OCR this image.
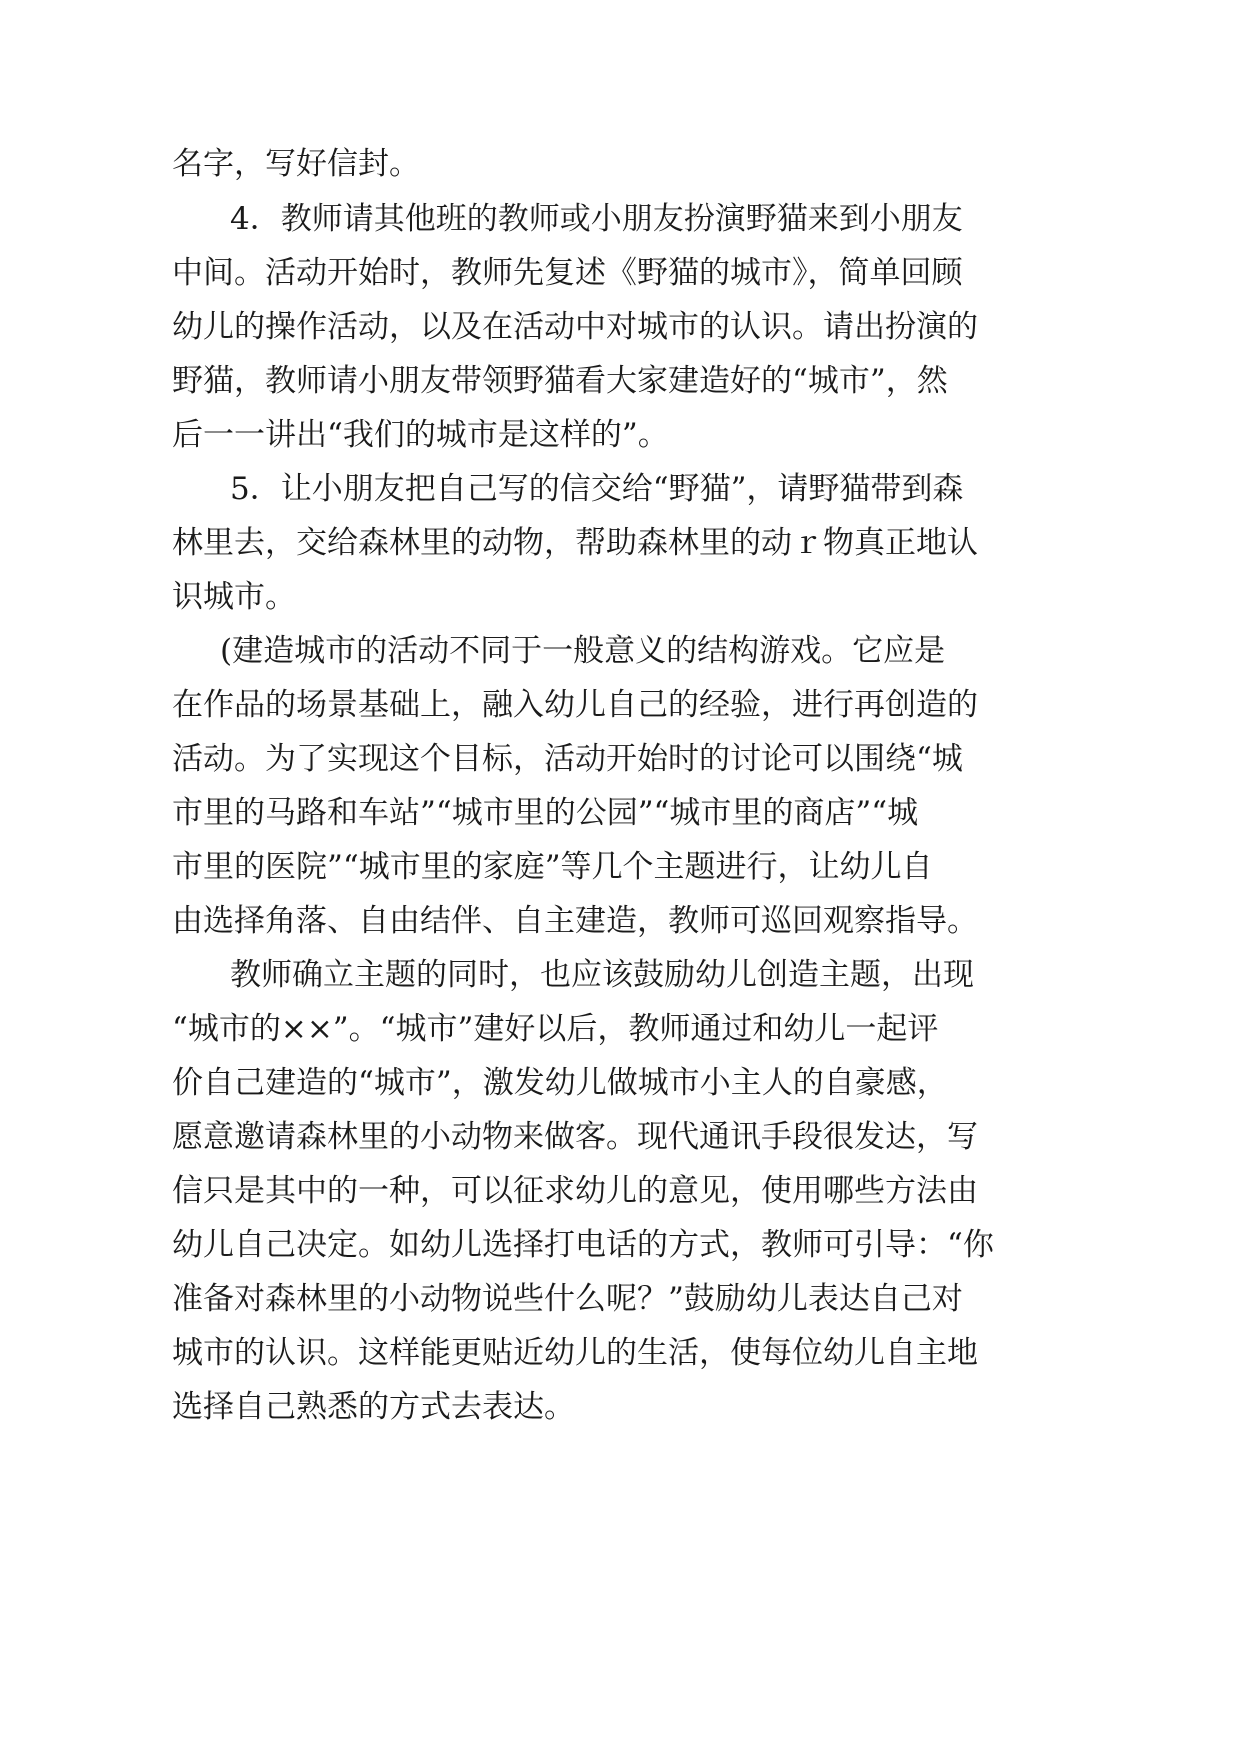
名字，写好信封。
4．教师请其他班的教师或小朋友扮演野猫来到小朋友
中间。活动开始时，教师先复述《野猫的城市》，简单回顾
幼儿的操作活动，以及在活动中对城市的认识。请出扮演的
野猫，教师请小朋友带领野猫看大家建造好的“城市”，然
后一一讲出“我们的城市是这样的”。
5．让小朋友把自己写的信交给“野猫”，请野猫带到森
林里去，交给森林里的动物，帮助森林里的动ｒ物真正地认
识城市。
(建造城市的活动不同于一般意义的结构游戏。它应是
在作品的场景基础上，融入幼儿自己的经验，进行再创造的
活动。为了实现这个目标，活动开始时的讨论可以围绕“城
市里的马路和车站”“城市里的公园”“城市里的商店”“城
市里的医院”“城市里的家庭”等几个主题进行，让幼儿自
由选择角落、自由结伴、自主建造，教师可巡回观察指导。
教师确立主题的同时，也应该鼓励幼儿创造主题，出现
“城市的××”。“城市”建好以后，教师通过和幼儿一起评
价自己建造的“城市”，激发幼儿做城市小主人的自豪感，
愿意邀请森林里的小动物来做客。现代通讯手段很发达，写
信只是其中的一种，可以征求幼儿的意见，使用哪些方法由
幼儿自己决定。如幼儿选择打电话的方式，教师可引导：“你
准备对森林里的小动物说些什么呢？”鼓励幼儿表达自己对
城市的认识。这样能更贴近幼儿的生活，使每位幼儿自主地
选择自己熟悉的方式去表达。
